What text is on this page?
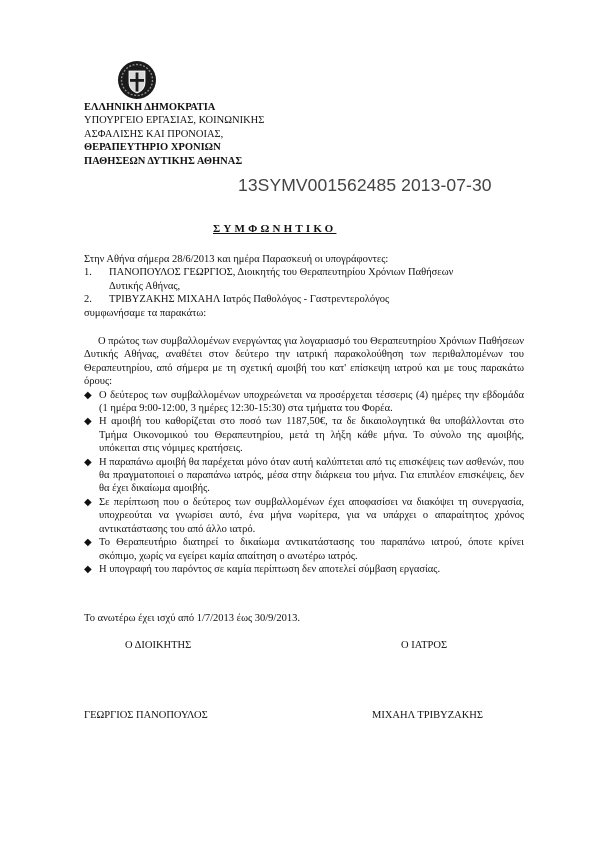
ΕΛΛΗΝΙΚΗ ΔΗΜΟΚΡΑΤΙΑ
ΥΠΟΥΡΓΕΙΟ ΕΡΓΑΣΙΑΣ, ΚΟΙΝΩΝΙΚΗΣ
ΑΣΦΑΛΙΣΗΣ ΚΑΙ ΠΡΟΝΟΙΑΣ,
ΘΕΡΑΠΕΥΤΗΡΙΟ ΧΡΟΝΙΩΝ
ΠΑΘΗΣΕΩΝ ΔΥΤΙΚΗΣ ΑΘΗΝΑΣ
13SYMV001562485 2013-07-30
ΣΥΜΦΩΝΗΤΙΚΟ
Στην Αθήνα σήμερα 28/6/2013 και ημέρα Παρασκευή οι υπογράφοντες:
1. ΠΑΝΟΠΟΥΛΟΣ ΓΕΩΡΓΙΟΣ, Διοικητής του Θεραπευτηρίου Χρόνιων Παθήσεων
Δυτικής Αθήνας,
2. ΤΡΙΒΥΖΑΚΗΣ ΜΙΧΑΗΛ Ιατρός Παθολόγος - Γαστρεντερολόγος
συμφωνήσαμε τα παρακάτω:
Ο πρώτος των συμβαλλομένων ενεργώντας για λογαριασμό του Θεραπευτηρίου Χρόνιων Παθήσεων Δυτικής Αθήνας, αναθέτει στον δεύτερο την ιατρική παρακολούθηση των περιθαλπομένων του Θεραπευτηρίου, από σήμερα με τη σχετική αμοιβή του κατ' επίσκεψη ιατρού και με τους παρακάτω όρους:
◆ Ο δεύτερος των συμβαλλομένων υποχρεώνεται να προσέρχεται τέσσερις (4) ημέρες την εβδομάδα (1 ημέρα 9:00-12:00, 3 ημέρες 12:30-15:30) στα τμήματα του Φορέα.
◆ Η αμοιβή του καθορίζεται στο ποσό των 1187,50€, τα δε δικαιολογητικά θα υποβάλλονται στο Τμήμα Οικονομικού του Θεραπευτηρίου, μετά τη λήξη κάθε μήνα. Το σύνολο της αμοιβής, υπόκειται στις νόμιμες κρατήσεις.
◆ Η παραπάνω αμοιβή θα παρέχεται μόνο όταν αυτή καλύπτεται από τις επισκέψεις των ασθενών, που θα πραγματοποιεί ο παραπάνω ιατρός, μέσα στην διάρκεια του μήνα. Για επιπλέον επισκέψεις, δεν θα έχει δικαίωμα αμοιβής.
◆ Σε περίπτωση που ο δεύτερος των συμβαλλομένων έχει αποφασίσει να διακόψει τη συνεργασία, υποχρεούται να γνωρίσει αυτό, ένα μήνα νωρίτερα, για να υπάρχει ο απαραίτητος χρόνος αντικατάστασης του από άλλο ιατρό.
◆ Το Θεραπευτήριο διατηρεί το δικαίωμα αντικατάστασης του παραπάνω ιατρού, όποτε κρίνει σκόπιμο, χωρίς να εγείρει καμία απαίτηση ο ανωτέρω ιατρός.
◆ Η υπογραφή του παρόντος σε καμία περίπτωση δεν αποτελεί σύμβαση εργασίας.
Το ανωτέρω έχει ισχύ από 1/7/2013 έως 30/9/2013.
Ο ΔΙΟΙΚΗΤΗΣ	Ο ΙΑΤΡΟΣ
ΓΕΩΡΓΙΟΣ ΠΑΝΟΠΟΥΛΟΣ	ΜΙΧΑΗΛ ΤΡΙΒΥΖΑΚΗΣ
